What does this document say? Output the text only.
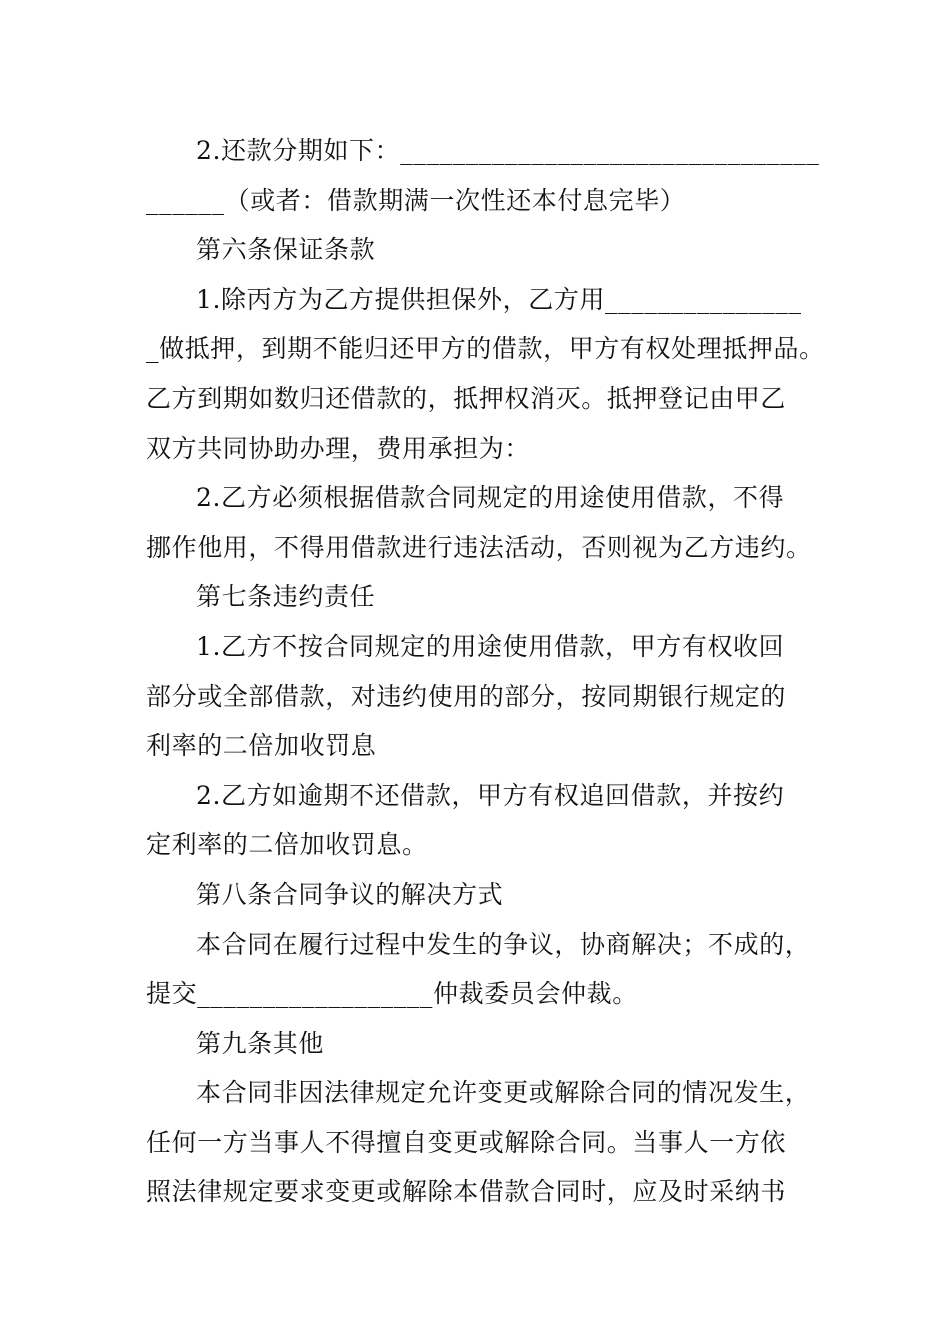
2.还款分期如下：________________________________
______（或者：借款期满一次性还本付息完毕）
第六条保证条款
1.除丙方为乙方提供担保外，乙方用_______________
_做抵押，到期不能归还甲方的借款，甲方有权处理抵押品。
乙方到期如数归还借款的，抵押权消灭。抵押登记由甲乙
双方共同协助办理，费用承担为：
2.乙方必须根据借款合同规定的用途使用借款，不得
挪作他用，不得用借款进行违法活动，否则视为乙方违约。
第七条违约责任
1.乙方不按合同规定的用途使用借款，甲方有权收回
部分或全部借款，对违约使用的部分，按同期银行规定的
利率的二倍加收罚息
2.乙方如逾期不还借款，甲方有权追回借款，并按约
定利率的二倍加收罚息。
第八条合同争议的解决方式
本合同在履行过程中发生的争议，协商解决；不成的，
提交__________________仲裁委员会仲裁。
第九条其他
本合同非因法律规定允许变更或解除合同的情况发生，
任何一方当事人不得擅自变更或解除合同。当事人一方依
照法律规定要求变更或解除本借款合同时，应及时采纳书
